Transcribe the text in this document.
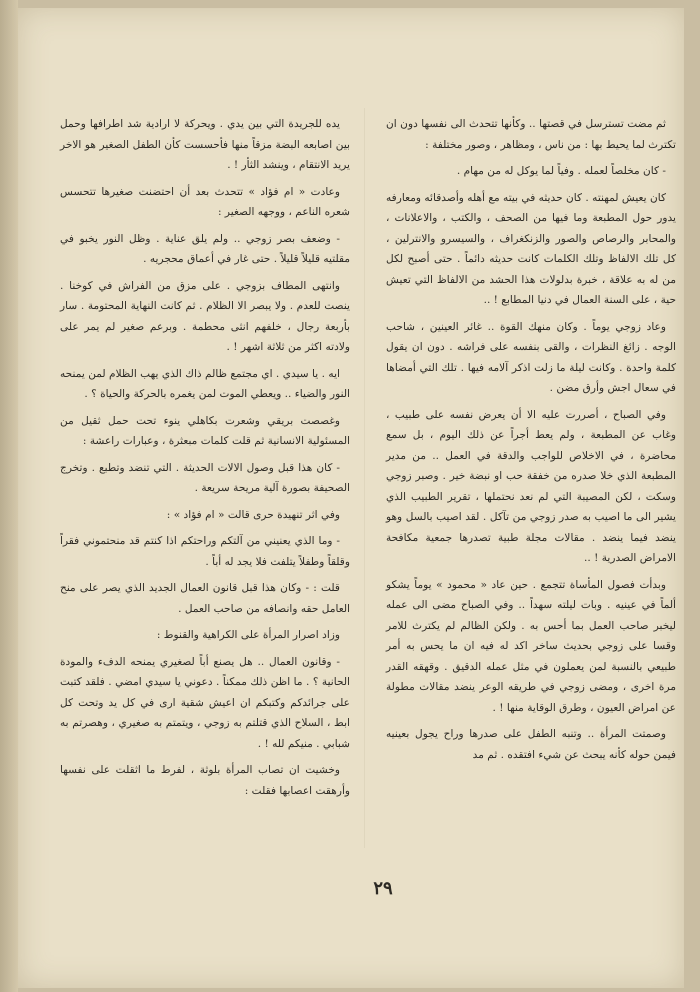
ثم مضت تسترسل في قصتها .. وكأنها تتحدث الى نفسها دون ان تكترث لما يحيط بها : من ناس ، ومظاهر ، وصور مختلفة :

- كان مخلصاً لعمله . وفياً لما يوكل له من مهام .

كان يعيش لمهنته . كان حديثه في بيته مع أهله وأصدقائه ومعارفه يدور حول المطبعة وما فيها من الصحف ، والكتب ، والاعلانات ، والمحابر والرصاص والصور والزنكغراف ، والسيسرو والانترلين ، كل تلك الالفاظ وتلك الكلمات كانت حديثه دائماً . حتى أصبح لكل من له به علاقة ، خبرة بدلولات هذا الحشد من الالفاظ التي تعيش حية ، على السنة العمال في دنيا المطابع ! ..

وعاد زوجي يوماً . وكان منهك القوة .. غائر العينين ، شاحب الوجه . زائغ النظرات ، والقى بنفسه على فراشه . دون ان يقول كلمة واحدة . وكانت ليلة ما زلت اذكر آلامه فيها . تلك التي أمضاها في سعال اجش وأرق مضن .

وفي الصباح ، أصررت عليه الا أن يعرض نفسه على طبيب ، وغاب عن المطبعة ، ولم يعط أجراً عن ذلك اليوم ، بل سمع محاضرة ، في الاخلاص للواجب والدقة في العمل .. من مدير المطبعة الذي خلا صدره من خفقة حب او نبضة خير . وصبر زوجي وسكت ، لكن المصيبة التي لم نعد نحتملها ، تقرير الطبيب الذي يشير الى ما اصيب به صدر زوجي من تآكل . لقد اصيب بالسل وهو ينضد فيما ينضد . مقالات مجلة طبية تصدرها جمعية مكافحة الامراض الصدرية ! ..

وبدأت فصول المأساة تتجمع . حين عاد « محمود » يوماً يشكو ألماً في عينيه . وبات ليلته سهداً .. وفي الصباح مضى الى عمله ليخبر صاحب العمل بما أحس به . ولكن الظالم لم يكترث للامر وقسا على زوجي بحديث ساخر اكد له فيه ان ما يحس به أمر طبيعي بالنسبة لمن يعملون في مثل عمله الدقيق . وقهقه القدر مرة اخرى ، ومضى زوجي في طريقه الوعر ينضد مقالات مطولة عن امراض العيون ، وطرق الوقاية منها ! .

وصمتت المرأة .. وتنبه الطفل على صدرها وراح يجول بعينيه فيمن حوله كأنه يبحث عن شيء افتقده . ثم مد

يده للجريدة التي بين يدي . ويحركة لا ارادية شد اطرافها وحمل بين اصابعه البضة مزقاً منها فأحسست كأن الطفل الصغير هو الاخر يريد الانتقام ، وينشد الثأر ! .

وعادت « ام فؤاد » تتحدث بعد أن احتضنت صغيرها تتحسس شعره الناعم ، ووجهه الصغير :

- وضعف بصر زوجي .. ولم يلق عناية . وظل النور يخبو في مقلتيه قليلاً قليلاً . حتى غار في أعماق محجريه .

وانتهى المطاف بزوجي . على مزق من الفراش في كوخنا . ينصت للعدم . ولا يبصر الا الظلام . ثم كانت النهاية المحتومة . سار بأربعة رجال ، خلفهم انثى محطمة . وبرعم صغير لم يمر على ولادته اكثر من ثلاثة اشهر ! .

ايه . يا سيدي . اي مجتمع ظالم ذاك الذي يهب الظلام لمن يمنحه النور والضياء .. ويعطي الموت لمن يغمره بالحركة والحياة ؟ .

وغصصت بريقي وشعرت بكاهلي ينوء تحت حمل ثقيل من المسئولية الانسانية ثم قلت كلمات مبعثرة ، وعبارات راعشة :

- كان هذا قبل وصول الالات الحديثة . التي تنضد وتطبع . وتخرج الصحيفة بصورة آلية مريحة سريعة .

وفي اثر تنهيدة حرى قالت « ام فؤاد » :

- وما الذي يعنيني من آلتكم وراحتكم اذا كنتم قد منحتموني فقراً وقلقاً وطفلاً يتلفت فلا يجد له أباً .

قلت : - وكان هذا قبل قانون العمال الجديد الذي يصر على منح العامل حقه وانصافه من صاحب العمل .

وزاد اصرار المرأة على الكراهية والقنوط :

- وقانون العمال .. هل يصنع أباً لصغيري يمنحه الدفء والمودة الحانية ؟ . ما اظن ذلك ممكناً . دعوني يا سيدي امضي . فلقد كتبت على جرائدكم وكتبكم ان اعيش شقية ارى في كل يد وتحت كل ابط ، السلاح الذي قتلتم به زوجي ، ويتمتم به صغيري ، وهصرتم به شبابي . منيكم لله ! .

وخشيت ان تصاب المرأة بلوثة ، لفرط ما اثقلت على نفسها وأرهقت اعصابها فقلت :

٢٩
